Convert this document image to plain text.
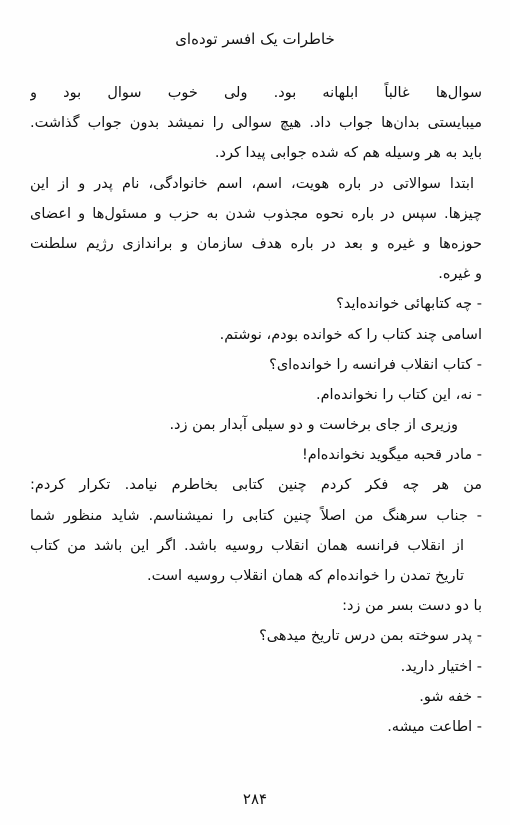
خاطرات یک افسر توده‌ای
سوال‌ها غالباً ابلهانه بود. ولی خوب سوال بود و
میبایستی بدان‌ها جواب داد. هیچ سوالی را نمیشد بدون جواب گذاشت.
باید به هر وسیله هم که شده جوابی پیدا کرد.
ابتدا سوالاتی در باره هویت، اسم، اسم خانوادگی، نام پدر و از این
چیزها. سپس در باره نحوه مجذوب شدن به حزب و مسئول‌ها و اعضای
حوزه‌ها و غیره و بعد در باره هدف سازمان و براندازی رژیم سلطنت
و غیره.
- چه کتابهائی خوانده‌اید؟
اسامی چند کتاب را که خوانده بودم، نوشتم.
- کتاب انقلاب فرانسه را خوانده‌ای؟
- نه، این کتاب را نخوانده‌ام.
وزیری از جای برخاست و دو سیلی آبدار بمن زد.
- مادر قحبه میگوید نخوانده‌ام!
من هر چه فکر کردم چنین کتابی بخاطرم نیامد. تکرار کردم:
- جناب سرهنگ من اصلاً چنین کتابی را نمیشناسم. شاید منظور شما
از انقلاب فرانسه همان انقلاب روسیه باشد. اگر این باشد من کتاب
تاریخ تمدن را خوانده‌ام که همان انقلاب روسیه است.
با دو دست بسر من زد:
- پدر سوخته بمن درس تاریخ میدهی؟
- اختیار دارید.
- خفه شو.
- اطاعت میشه.
۲۸۴
